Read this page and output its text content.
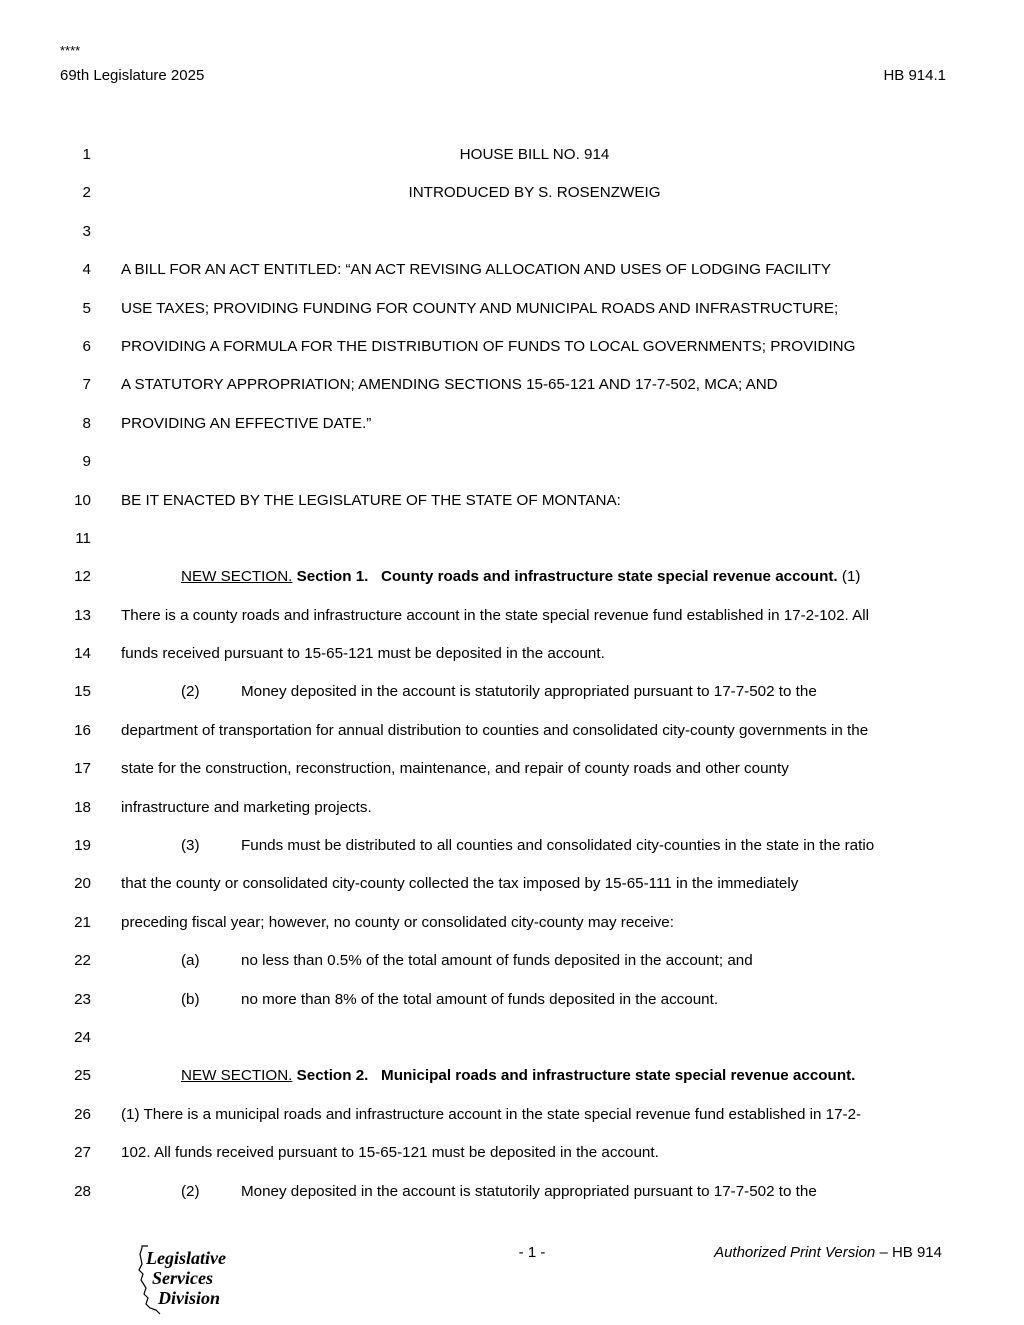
****
69th Legislature 2025	HB 914.1
1	HOUSE BILL NO. 914
2	INTRODUCED BY S. ROSENZWEIG
3
4 A BILL FOR AN ACT ENTITLED: “AN ACT REVISING ALLOCATION AND USES OF LODGING FACILITY
5 USE TAXES; PROVIDING FUNDING FOR COUNTY AND MUNICIPAL ROADS AND INFRASTRUCTURE;
6 PROVIDING A FORMULA FOR THE DISTRIBUTION OF FUNDS TO LOCAL GOVERNMENTS; PROVIDING
7 A STATUTORY APPROPRIATION; AMENDING SECTIONS 15-65-121 AND 17-7-502, MCA; AND
8 PROVIDING AN EFFECTIVE DATE.”
9
10 BE IT ENACTED BY THE LEGISLATURE OF THE STATE OF MONTANA:
11
12	NEW SECTION. Section 1. County roads and infrastructure state special revenue account. (1)
13 There is a county roads and infrastructure account in the state special revenue fund established in 17-2-102. All
14 funds received pursuant to 15-65-121 must be deposited in the account.
15	(2)	Money deposited in the account is statutorily appropriated pursuant to 17-7-502 to the
16 department of transportation for annual distribution to counties and consolidated city-county governments in the
17 state for the construction, reconstruction, maintenance, and repair of county roads and other county
18 infrastructure and marketing projects.
19	(3)	Funds must be distributed to all counties and consolidated city-counties in the state in the ratio
20 that the county or consolidated city-county collected the tax imposed by 15-65-111 in the immediately
21 preceding fiscal year; however, no county or consolidated city-county may receive:
22	(a)	no less than 0.5% of the total amount of funds deposited in the account; and
23	(b)	no more than 8% of the total amount of funds deposited in the account.
24
25	NEW SECTION. Section 2. Municipal roads and infrastructure state special revenue account.
26 (1) There is a municipal roads and infrastructure account in the state special revenue fund established in 17-2-
27 102. All funds received pursuant to 15-65-121 must be deposited in the account.
28	(2)	Money deposited in the account is statutorily appropriated pursuant to 17-7-502 to the
Legislative
Services
Division
- 1 -	Authorized Print Version – HB 914
